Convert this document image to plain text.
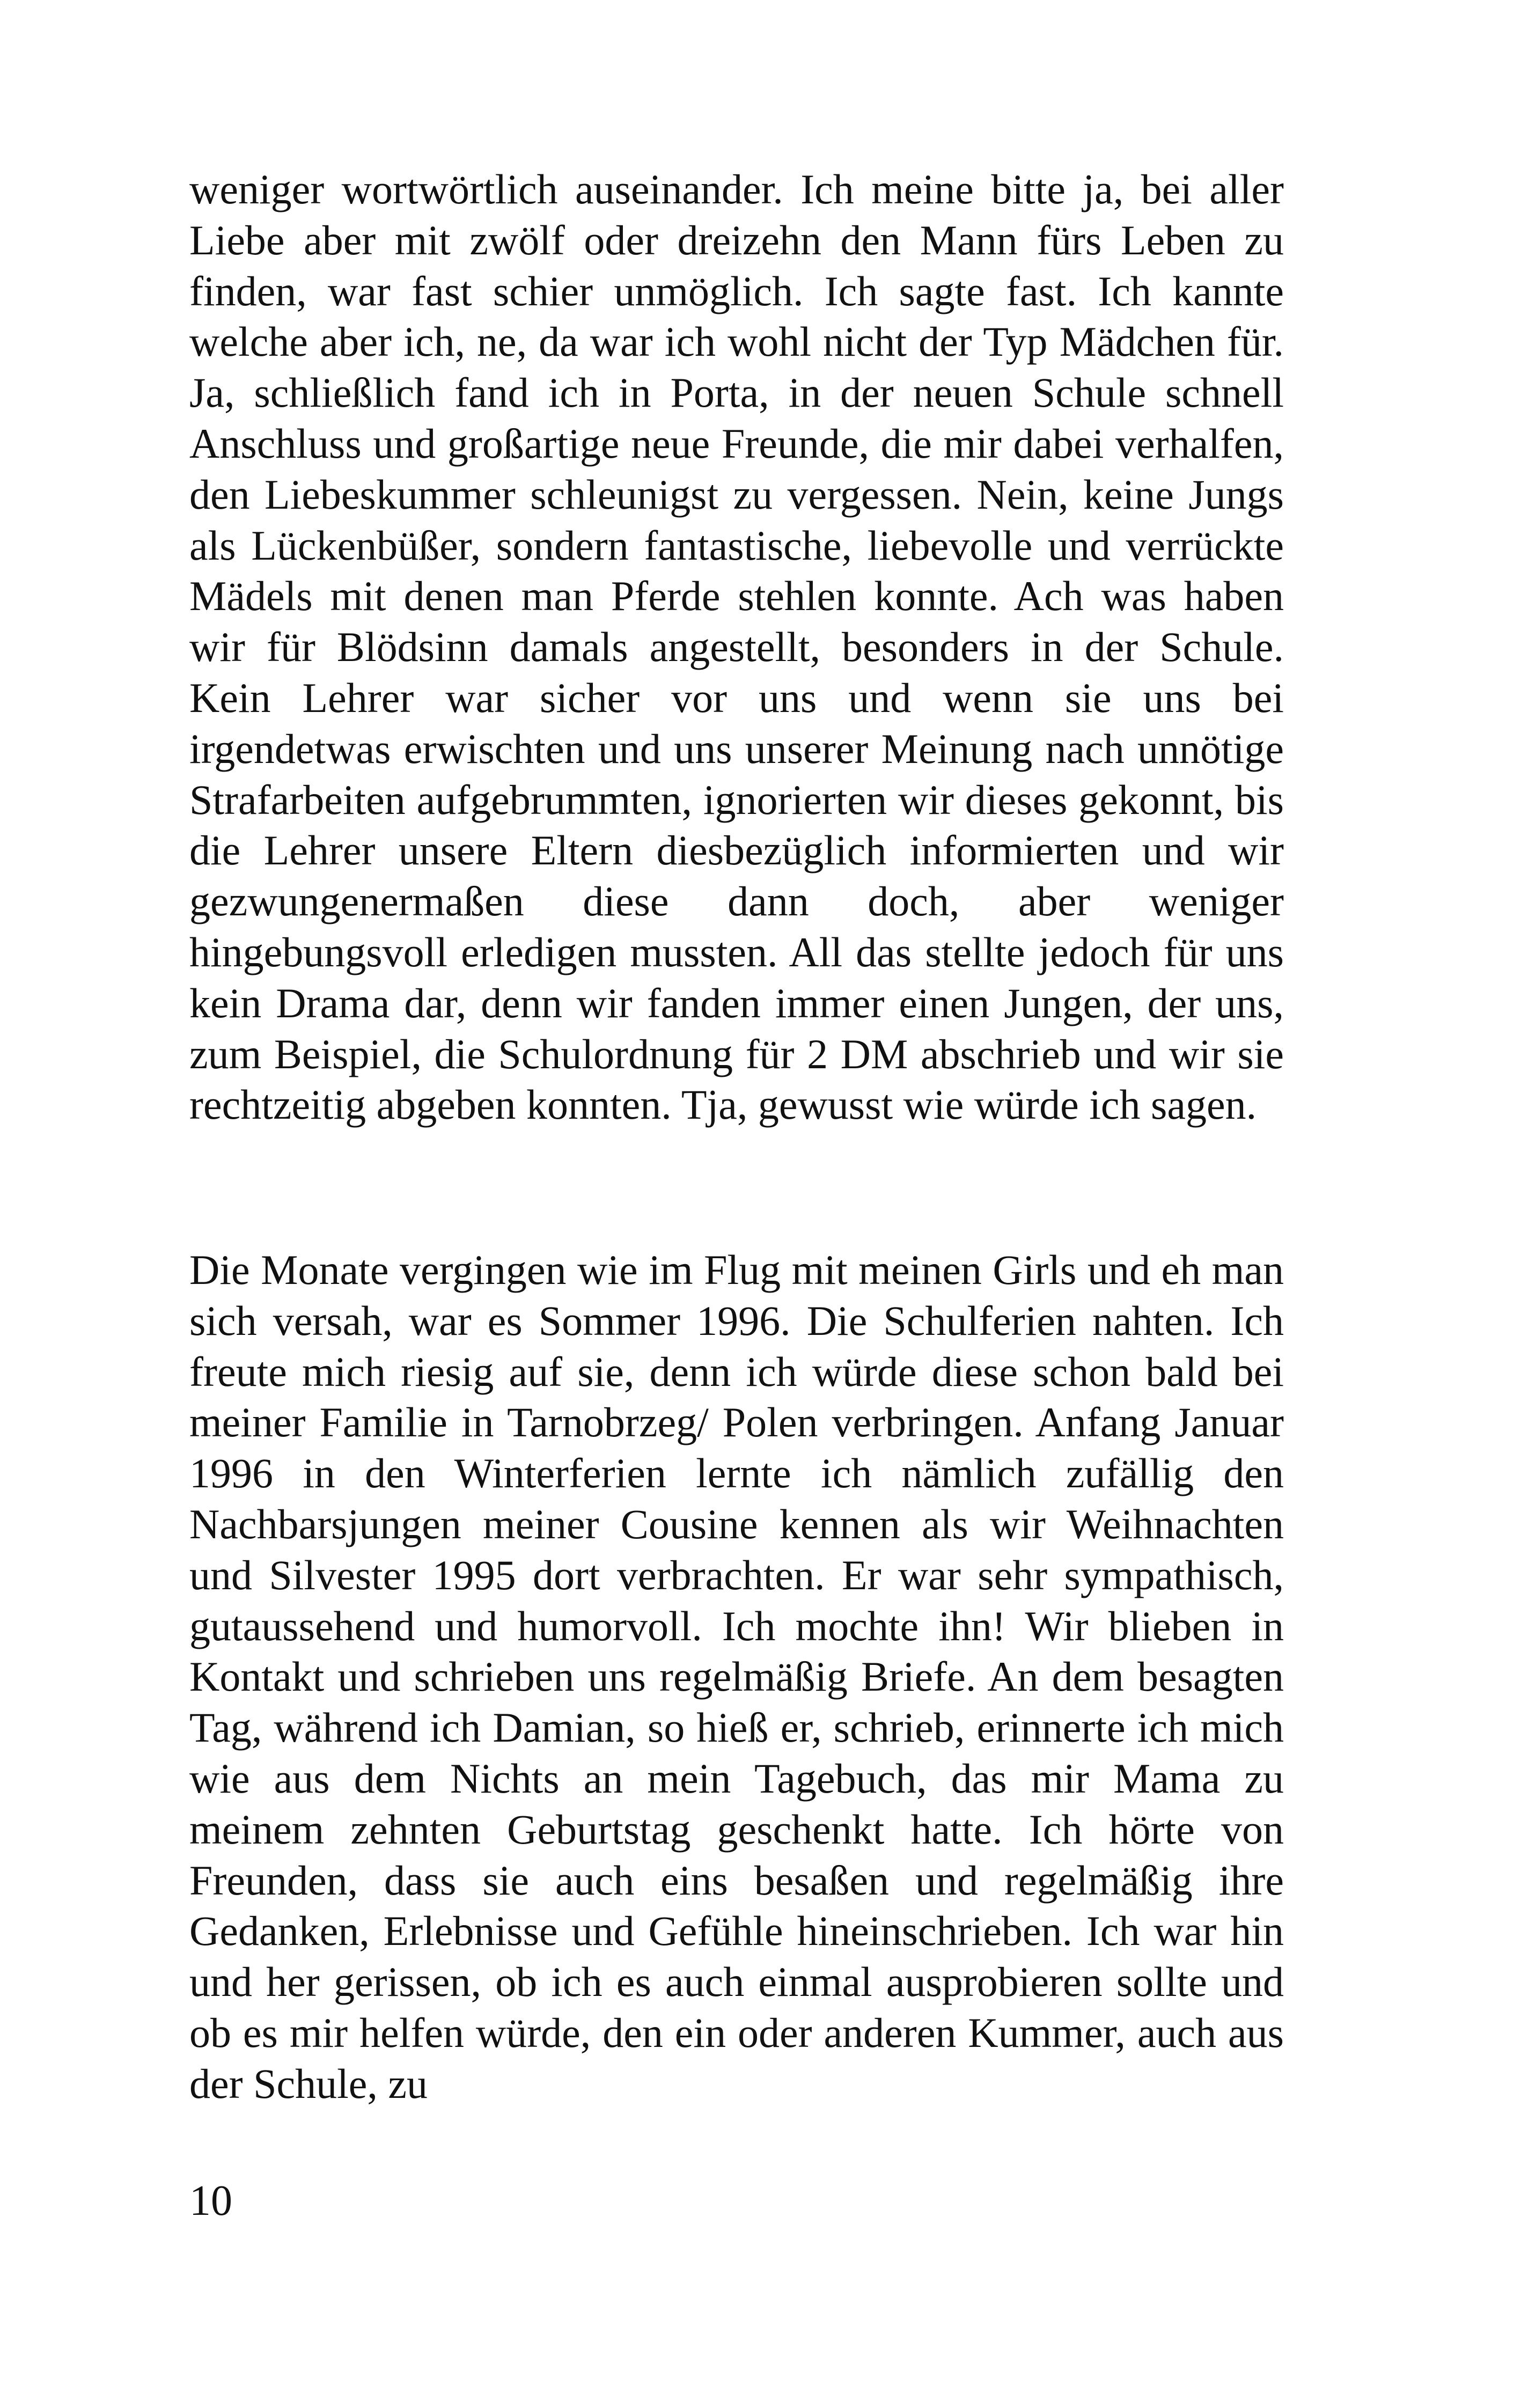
weniger wortwörtlich auseinander. Ich meine bitte ja, bei aller Liebe aber mit zwölf oder dreizehn den Mann fürs Leben zu finden, war fast schier unmöglich. Ich sagte fast. Ich kannte welche aber ich, ne, da war ich wohl nicht der Typ Mädchen für. Ja, schließlich fand ich in Porta, in der neuen Schule schnell Anschluss und großartige neue Freunde, die mir dabei verhalfen, den Liebeskummer schleunigst zu vergessen. Nein, keine Jungs als Lückenbüßer, sondern fantastische, liebevolle und verrückte Mädels mit denen man Pferde stehlen konnte. Ach was haben wir für Blödsinn damals angestellt, besonders in der Schule. Kein Lehrer war sicher vor uns und wenn sie uns bei irgendetwas erwischten und uns unserer Meinung nach unnötige Strafarbeiten aufgebrummten, ignorierten wir dieses gekonnt, bis die Lehrer unsere Eltern diesbezüglich informierten und wir gezwungenermaßen diese dann doch, aber weniger hingebungsvoll erledigen mussten. All das stellte jedoch für uns kein Drama dar, denn wir fanden immer einen Jungen, der uns, zum Beispiel, die Schulordnung für 2 DM abschrieb und wir sie rechtzeitig abgeben konnten. Tja, gewusst wie würde ich sagen.

Die Monate vergingen wie im Flug mit meinen Girls und eh man sich versah, war es Sommer 1996. Die Schulferien nahten. Ich freute mich riesig auf sie, denn ich würde diese schon bald bei meiner Familie in Tarnobrzeg/ Polen verbringen. Anfang Januar 1996 in den Winterferien lernte ich nämlich zufällig den Nachbarsjungen meiner Cousine kennen als wir Weihnachten und Silvester 1995 dort verbrachten. Er war sehr sympathisch, gutaussehend und humorvoll. Ich mochte ihn! Wir blieben in Kontakt und schrieben uns regelmäßig Briefe. An dem besagten Tag, während ich Damian, so hieß er, schrieb, erinnerte ich mich wie aus dem Nichts an mein Tagebuch, das mir Mama zu meinem zehnten Geburtstag geschenkt hatte. Ich hörte von Freunden, dass sie auch eins besaßen und regelmäßig ihre Gedanken, Erlebnisse und Gefühle hineinschrieben. Ich war hin und her gerissen, ob ich es auch einmal ausprobieren sollte und ob es mir helfen würde, den ein oder anderen Kummer, auch aus der Schule, zu

10
